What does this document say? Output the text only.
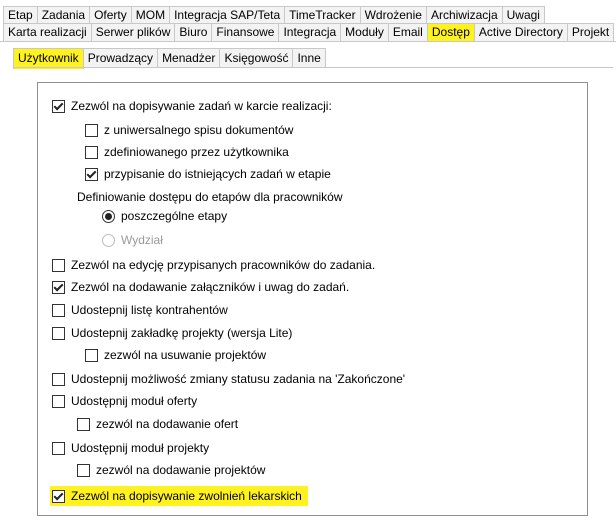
Etap Zadania Oferty MOM Integracja SAP/Teta TimeTracker Wdrożenie Archiwizacja Uwagi
Karta realizacji Serwer plików Biuro Finansowe Integracja Moduły Email Dostęp Active Directory Projekt
Użytkownik Prowadzący Menadżer Księgowość Inne
Zezwól na dopisywanie zadań w karcie realizacji:
z uniwersalnego spisu dokumentów
zdefiniowanego przez użytkownika
przypisanie do istniejących zadań w etapie
Definiowanie dostępu do etapów dla pracowników
poszczególne etapy
Wydział
Zezwól na edycję przypisanych pracowników do zadania.
Zezwól na dodawanie załączników i uwag do zadań.
Udostepnij listę kontrahentów
Udostepnij zakładkę projekty (wersja Lite)
zezwól na usuwanie projektów
Udostepnij możliwość zmiany statusu zadania na 'Zakończone'
Udostępnij moduł oferty
zezwól na dodawanie ofert
Udostępnij moduł projekty
zezwól na dodawanie projektów
Zezwól na dopisywanie zwolnień lekarskich
